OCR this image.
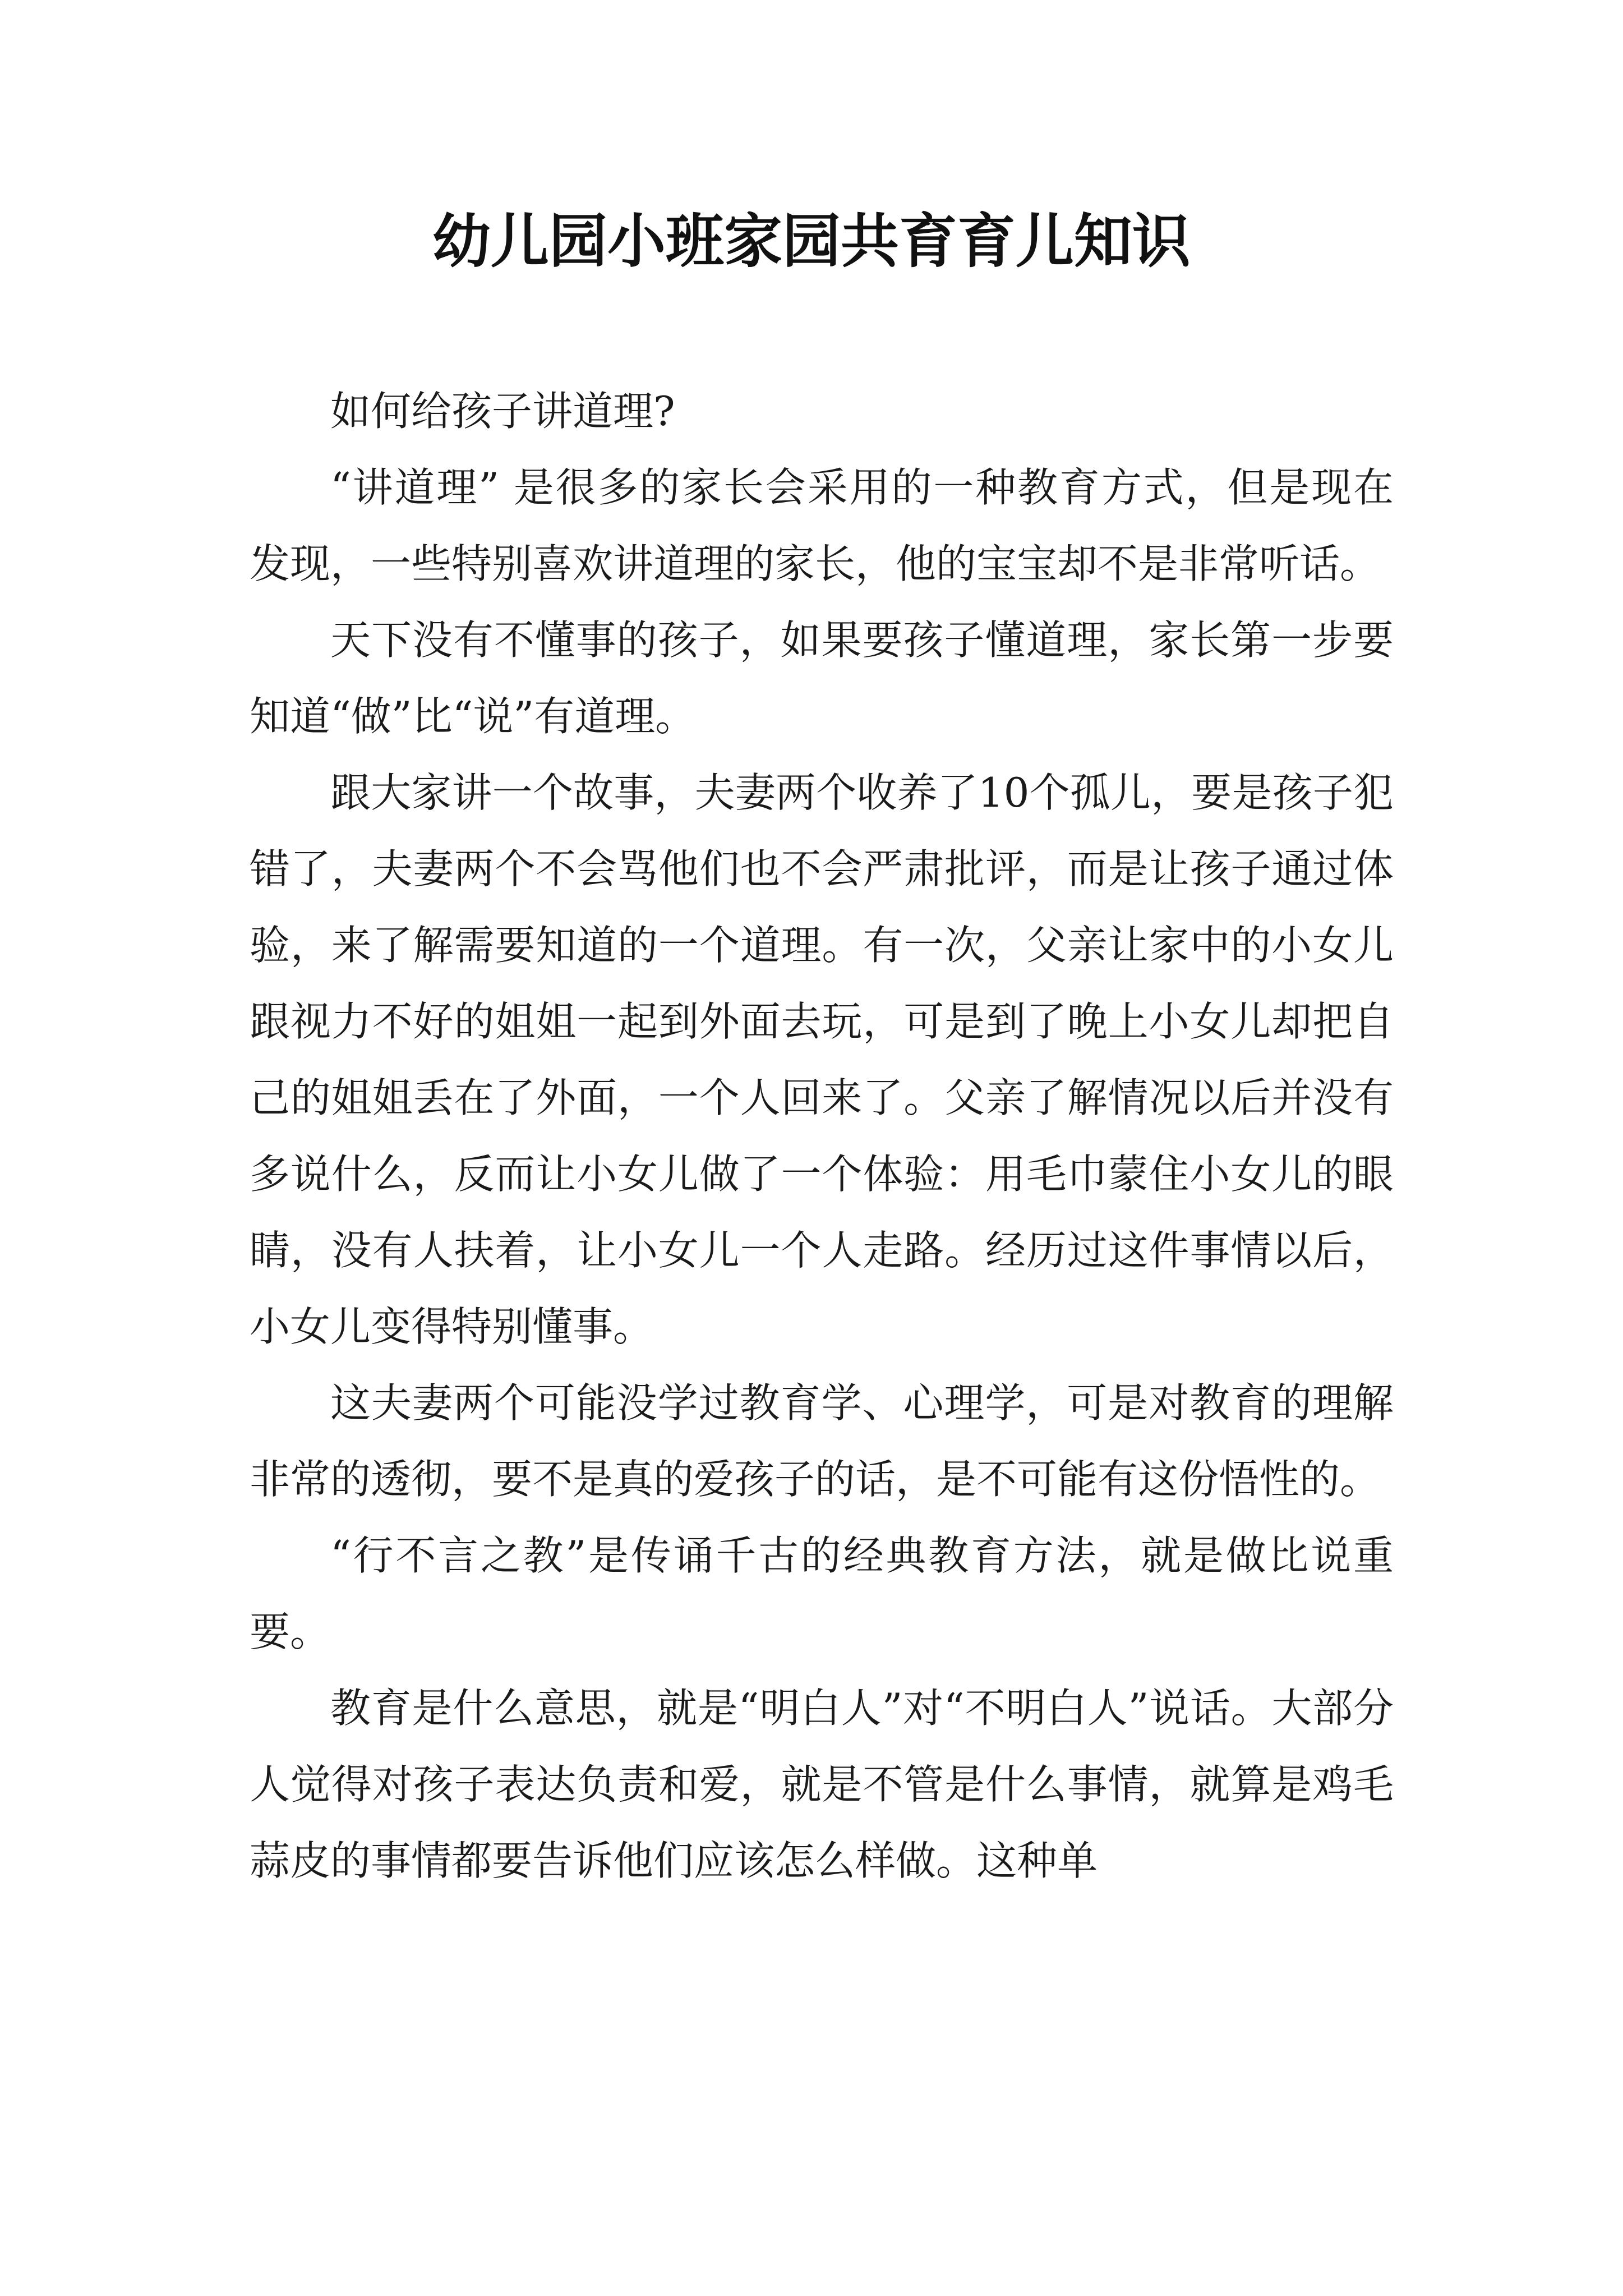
幼儿园小班家园共育育儿知识

如何给孩子讲道理?

“讲道理” 是很多的家长会采用的一种教育方式，但是现在发现，一些特别喜欢讲道理的家长，他的宝宝却不是非常听话。

天下没有不懂事的孩子，如果要孩子懂道理，家长第一步要知道“做”比“说”有道理。

跟大家讲一个故事，夫妻两个收养了10个孤儿，要是孩子犯错了，夫妻两个不会骂他们也不会严肃批评，而是让孩子通过体验，来了解需要知道的一个道理。有一次，父亲让家中的小女儿跟视力不好的姐姐一起到外面去玩，可是到了晚上小女儿却把自己的姐姐丢在了外面，一个人回来了。父亲了解情况以后并没有多说什么，反而让小女儿做了一个体验：用毛巾蒙住小女儿的眼睛，没有人扶着，让小女儿一个人走路。经历过这件事情以后，小女儿变得特别懂事。

这夫妻两个可能没学过教育学、心理学，可是对教育的理解非常的透彻，要不是真的爱孩子的话，是不可能有这份悟性的。

“行不言之教”是传诵千古的经典教育方法，就是做比说重要。

教育是什么意思，就是“明白人”对“不明白人”说话。大部分人觉得对孩子表达负责和爱，就是不管是什么事情，就算是鸡毛蒜皮的事情都要告诉他们应该怎么样做。这种单
